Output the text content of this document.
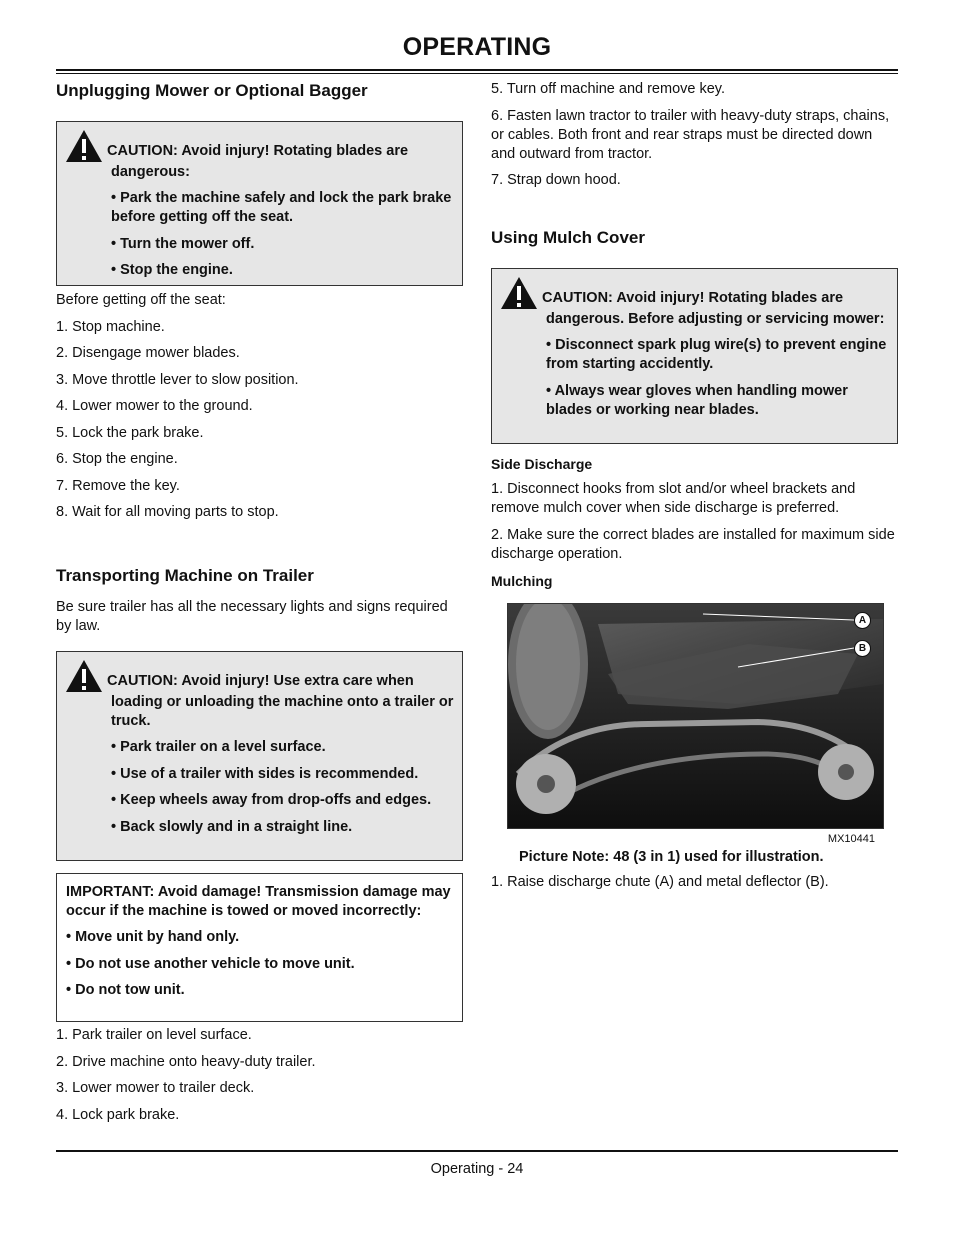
OPERATING
Unplugging Mower or Optional Bagger
CAUTION: Avoid injury! Rotating blades are
dangerous:
• Park the machine safely and lock the park brake before getting off the seat.
• Turn the mower off.
• Stop the engine.

Before getting off the seat:

1. Stop machine.
2. Disengage mower blades.
3. Move throttle lever to slow position.
4. Lower mower to the ground.
5. Lock the park brake.
6. Stop the engine.
7. Remove the key.
8. Wait for all moving parts to stop.
Transporting Machine on Trailer

Be sure trailer has all the necessary lights and signs required by law.

CAUTION: Avoid injury! Use extra care when
loading or unloading the machine onto a trailer or truck.
• Park trailer on a level surface.
• Use of a trailer with sides is recommended.
• Keep wheels away from drop-offs and edges.
• Back slowly and in a straight line.
IMPORTANT: Avoid damage! Transmission damage may occur if the machine is towed or moved incorrectly:
• Move unit by hand only.
• Do not use another vehicle to move unit.
• Do not tow unit.
1. Park trailer on level surface.
2. Drive machine onto heavy-duty trailer.
3. Lower mower to trailer deck.
4. Lock park brake.
5. Turn off machine and remove key.
6. Fasten lawn tractor to trailer with heavy-duty straps, chains, or cables. Both front and rear straps must be directed down and outward from tractor.
7. Strap down hood.
Using Mulch Cover
CAUTION: Avoid injury! Rotating blades are
dangerous. Before adjusting or servicing mower:
• Disconnect spark plug wire(s) to prevent engine from starting accidently.
• Always wear gloves when handling mower blades or working near blades.
Side Discharge
1. Disconnect hooks from slot and/or wheel brackets and remove mulch cover when side discharge is preferred.
2. Make sure the correct blades are installed for maximum side discharge operation.
Mulching
A
B
MX10441
Picture Note: 48 (3 in 1) used for illustration.
1. Raise discharge chute (A) and metal deflector (B).
Operating - 24
